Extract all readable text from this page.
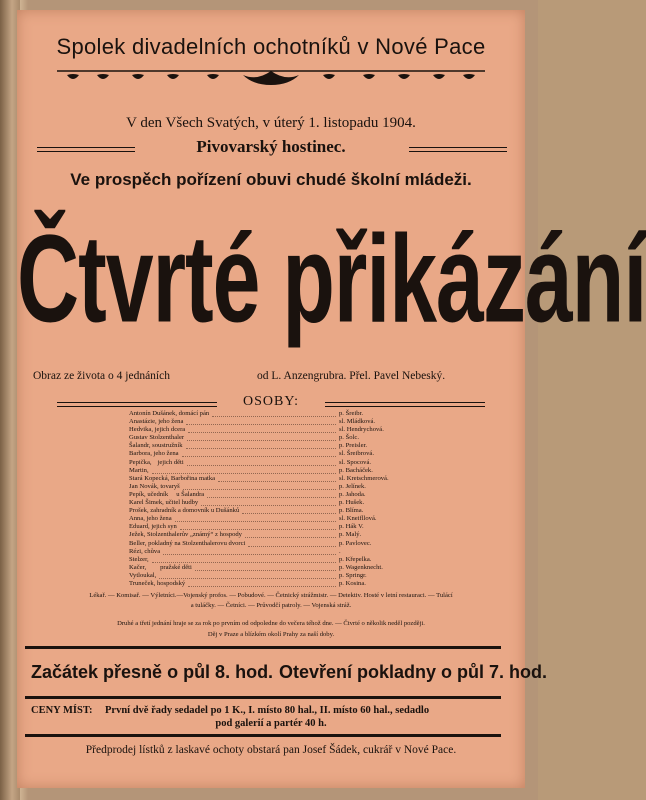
Spolek divadelních ochotníků v Nové Pace
V den Všech Svatých, v úterý 1. listopadu 1904.
Pivovarský hostinec.
Ve prospěch pořízení obuvi chudé školní mládeži.
Čtvrté přikázání
Obraz ze života o 4 jednáních	od L. Anzengrubra. Přel. Pavel Nebeský.
OSOBY:
Antonín Dušánek, domácí pán	p. Šreibr.
Anastázie, jeho žena	sl. Mládková.
Hedvika, jejich dcera	sl. Hendrychová.
Gustav Stolzenthaler	p. Šolc.
Šalandr, soustružník	p. Preisler.
Barbora, jeho žena	sl. Šreibrová.
Pepička, jejich děti	sl. Spocová.
Martin,	p. Bacháček.
Stará Kopecká, Barbořina matka	sl. Kretschmerová.
Jan Novák, tovaryš	p. Jelínek.
Pepík, učedník u Šalandra	p. Jahoda.
Karel Šimek, učitel hudby	p. Hušek.
Prošek, zahradník a domovník u Dušánků	p. Blíma.
Anna, jeho žena	sl. Kneifllová.
Eduard, jejich syn	p. Hák V.
Ježek, Stolzenthalerův „známý“ z hospody	p. Malý.
Beller, pokladný na Stolzenthalerovu dvorci	p. Pavlovec.
Rézi, chůva	.
Stelzer,	p. Křepelka.
Kačer, pražské děti	p. Wagenknecht.
Vytloukal,	p. Springr.
Truneček, hospodský	p. Kosina.
Lékař. — Komisař. — Výletníci.—Vojenský profos. — Pobudové. — Četnický strážmistr. — Detektiv. Hosté v letní restauraci. — Tulácí
a tuláčky. — Četníci. — Průvodčí patroly. — Vojenská stráž.
Druhé a třetí jednání hraje se za rok po prvním od odpoledne do večera téhož dne. — Čtvrté o několik neděl později.
Děj v Praze a blízkém okolí Prahy za naší doby.
Začátek přesně o půl 8. hod. Otevření pokladny o půl 7. hod.
CENY MÍST: První dvě řady sedadel po 1 K., I. místo 80 hal., II. místo 60 hal., sedadlo
pod galerií a partér 40 h.
Předprodej lístků z laskavé ochoty obstará pan Josef Šádek, cukrář v Nové Pace.
